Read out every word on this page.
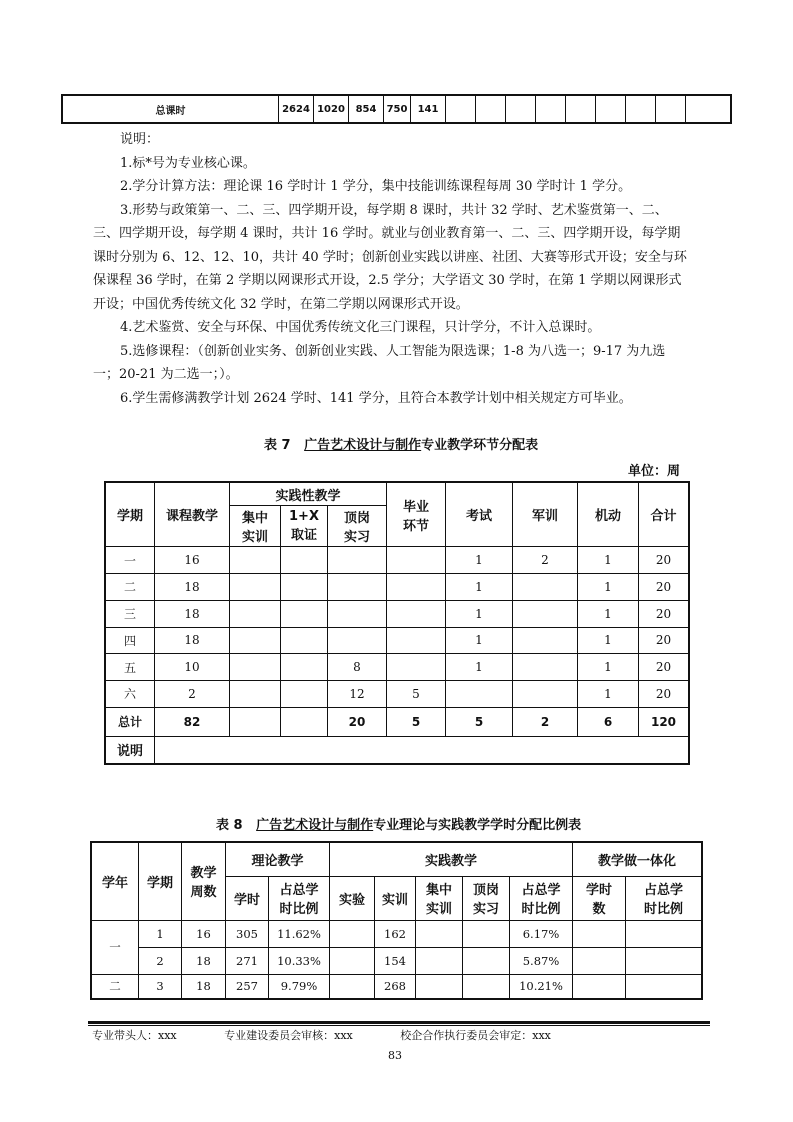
总课时	2624	1020	854	750	141									

说明：

1.标*号为专业核心课。

2.学分计算方法：理论课 16 学时计 1 学分，集中技能训练课程每周 30 学时计 1 学分。

3.形势与政策第一、二、三、四学期开设，每学期 8 课时，共计 32 学时、艺术鉴赏第一、二、三、四学期开设，每学期 4 课时，共计 16 学时。就业与创业教育第一、二、三、四学期开设，每学期课时分别为 6、12、12、10，共计 40 学时；创新创业实践以讲座、社团、大赛等形式开设；安全与环保课程 36 学时，在第 2 学期以网课形式开设，2.5 学分；大学语文 30 学时，在第 1 学期以网课形式开设；中国优秀传统文化 32 学时，在第二学期以网课形式开设。

4.艺术鉴赏、安全与环保、中国优秀传统文化三门课程，只计学分，不计入总课时。

5.选修课程：（创新创业实务、创新创业实践、人工智能为限选课；1-8 为八选一；9-17 为九选一；20-21 为二选一；）。

6.学生需修满教学计划 2624 学时、141 学分，且符合本教学计划中相关规定方可毕业。

表 7 广告艺术设计与制作专业教学环节分配表
单位：周
学期	课程教学	实践性教学			毕业环节	考试	军训	机动	合计

		集中实训	1+X取证	顶岗实习					

一	16					1	2	1	20
二	18					1		1	20
三	18					1		1	20
四	18					1		1	20
五	10			8		1		1	20
六	2			12	5			1	20
总计	82			20	5	5	2	6	120
说明									
表 8 广告艺术设计与制作专业理论与实践教学学时分配比例表
学年	学期	教学周数	理论教学		实践教学					教学做一体化	
			学时	占总学时比例	实验	实训	集中实训	顶岗实习	占总学时比例	学时数	占总学时比例

一	1	16	305	11.62%		162			6.17%		
	2	18	271	10.33%		154			5.87%		
二	3	18	257	9.79%		268			10.21%		
专业带头人：xxx	专业建设委员会审核：xxx	校企合作执行委员会审定：xxx
83
